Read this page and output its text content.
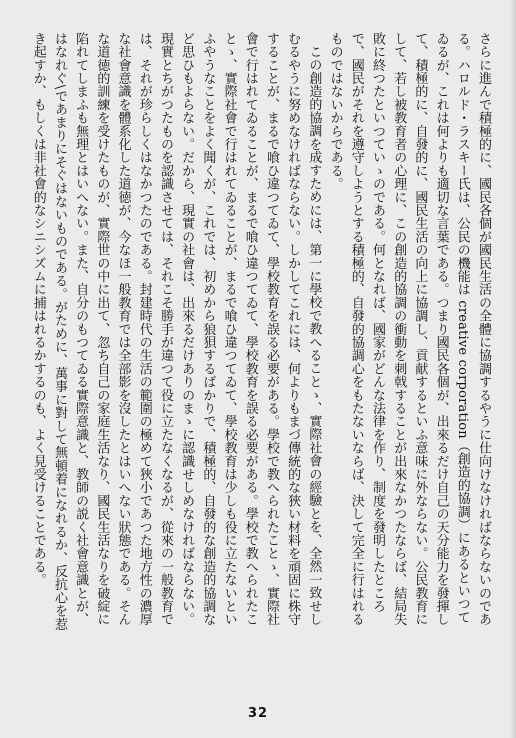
さらに進んで積極的に、國民各個が國民生活の全體に協調するやうに仕向けなければならないのである。ハロルド・ラスキー氏は、公民の機能は creative corporation（創造的協調）にあるといつてゐるが、これは何よりも適切な言葉である。つまり國民各個が、出來るだけ自己の天分能力を發揮して、積極的に、自發的に、國民生活の向上に協調し、貢献するといふ意味に外ならない。公民教育にして、若し被教育者の心理に、この創造的協調の衝動を刺戟することが出來なかつたならば、結局失敗に終つたといつていゝのである。何となれば、國家がどんな法律を作り、制度を發明したところで、國民がそれを遵守しようとする積極的、自發的協調心をもたないならば、決して完全に行はれるものではないからである。

この創造的協調を成すためには、第一に學校で教へることゝ、實際社會の經驗とを、全然一致せしむるやうに努めなければならない。しかしてこれには、何よりもまづ傳統的な狹い材料を頑固に株守することが、まるで喰ひ違つてゐて、學校教育を誤る必要がある。學校で教へられたことゝ、實際社會で行はれてゐることが、まるで喰ひ違つてゐて、學校教育を誤る必要がある。學校で教へられたことゝ、實際社會で行はれてゐることが、まるで喰ひ違つてゐて、學校教育は少しも役に立たないといふやうなことをよく聞くが、これでは、初めから狼狽するばかりで、積極的、自發的な創造的協調など思ひもよらない。だから、現實の社會は、出來るだけありのまゝに認識せしめなければならない。現實とちがつたものを認識させては、それこそ勝手が違つて役に立たなくなるが、從來の一般教育では、それが珍らしくはなかつたのである。封建時代の生活の範圍の極めて狹小であつた地方性の濃厚な社會意識を體系化した道徳が、今なほ一般教育では全部影を沒したとはいへない狀態である。そんな道徳的訓練を受けたものが、實際世の中に出て、忽ち自己の家庭生活なり、國民生活なりを破綻に陷れてしまふも無理とはいへない。また、自分のもつてゐる實際意識と、教師の説く社會意識とが、はなれぐ\であまりにそぐはないものである。がために、萬事に對して無頓着になれるか、反抗心を惹き起すか、もしくは非社會的なシニシズムに捕はれるかするのも、よく見受けることである。

32
